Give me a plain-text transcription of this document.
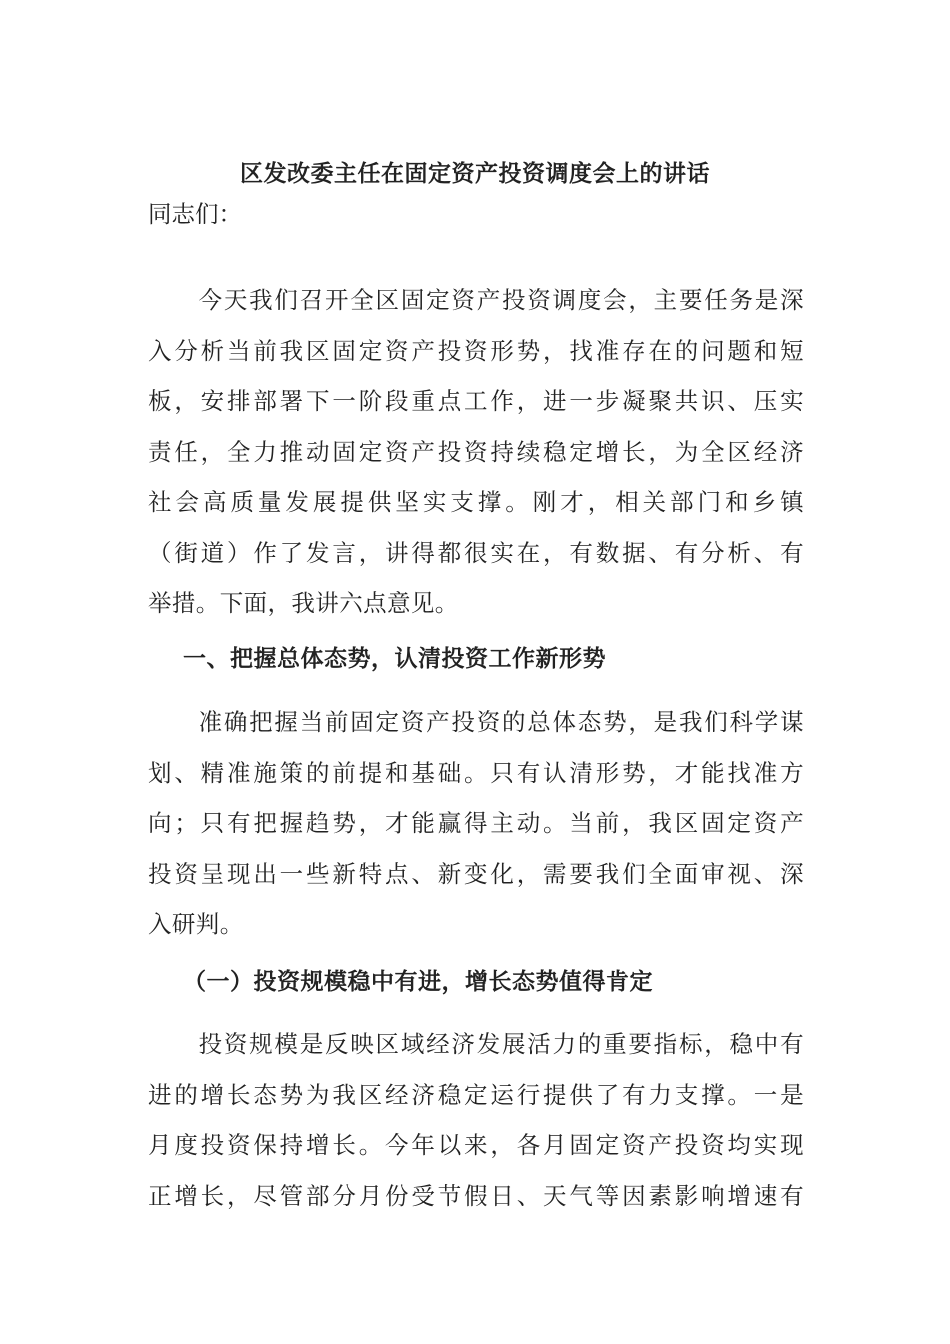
区发改委主任在固定资产投资调度会上的讲话
同志们：
　　今天我们召开全区固定资产投资调度会，主要任务是深
入分析当前我区固定资产投资形势，找准存在的问题和短
板，安排部署下一阶段重点工作，进一步凝聚共识、压实
责任，全力推动固定资产投资持续稳定增长，为全区经济
社会高质量发展提供坚实支撑。刚才，相关部门和乡镇
（街道）作了发言，讲得都很实在，有数据、有分析、有
举措。下面，我讲六点意见。
一、把握总体态势，认清投资工作新形势
　　准确把握当前固定资产投资的总体态势，是我们科学谋
划、精准施策的前提和基础。只有认清形势，才能找准方
向；只有把握趋势，才能赢得主动。当前，我区固定资产
投资呈现出一些新特点、新变化，需要我们全面审视、深
入研判。
（一）投资规模稳中有进，增长态势值得肯定
　　投资规模是反映区域经济发展活力的重要指标，稳中有
进的增长态势为我区经济稳定运行提供了有力支撑。一是
月度投资保持增长。今年以来，各月固定资产投资均实现
正增长，尽管部分月份受节假日、天气等因素影响增速有
